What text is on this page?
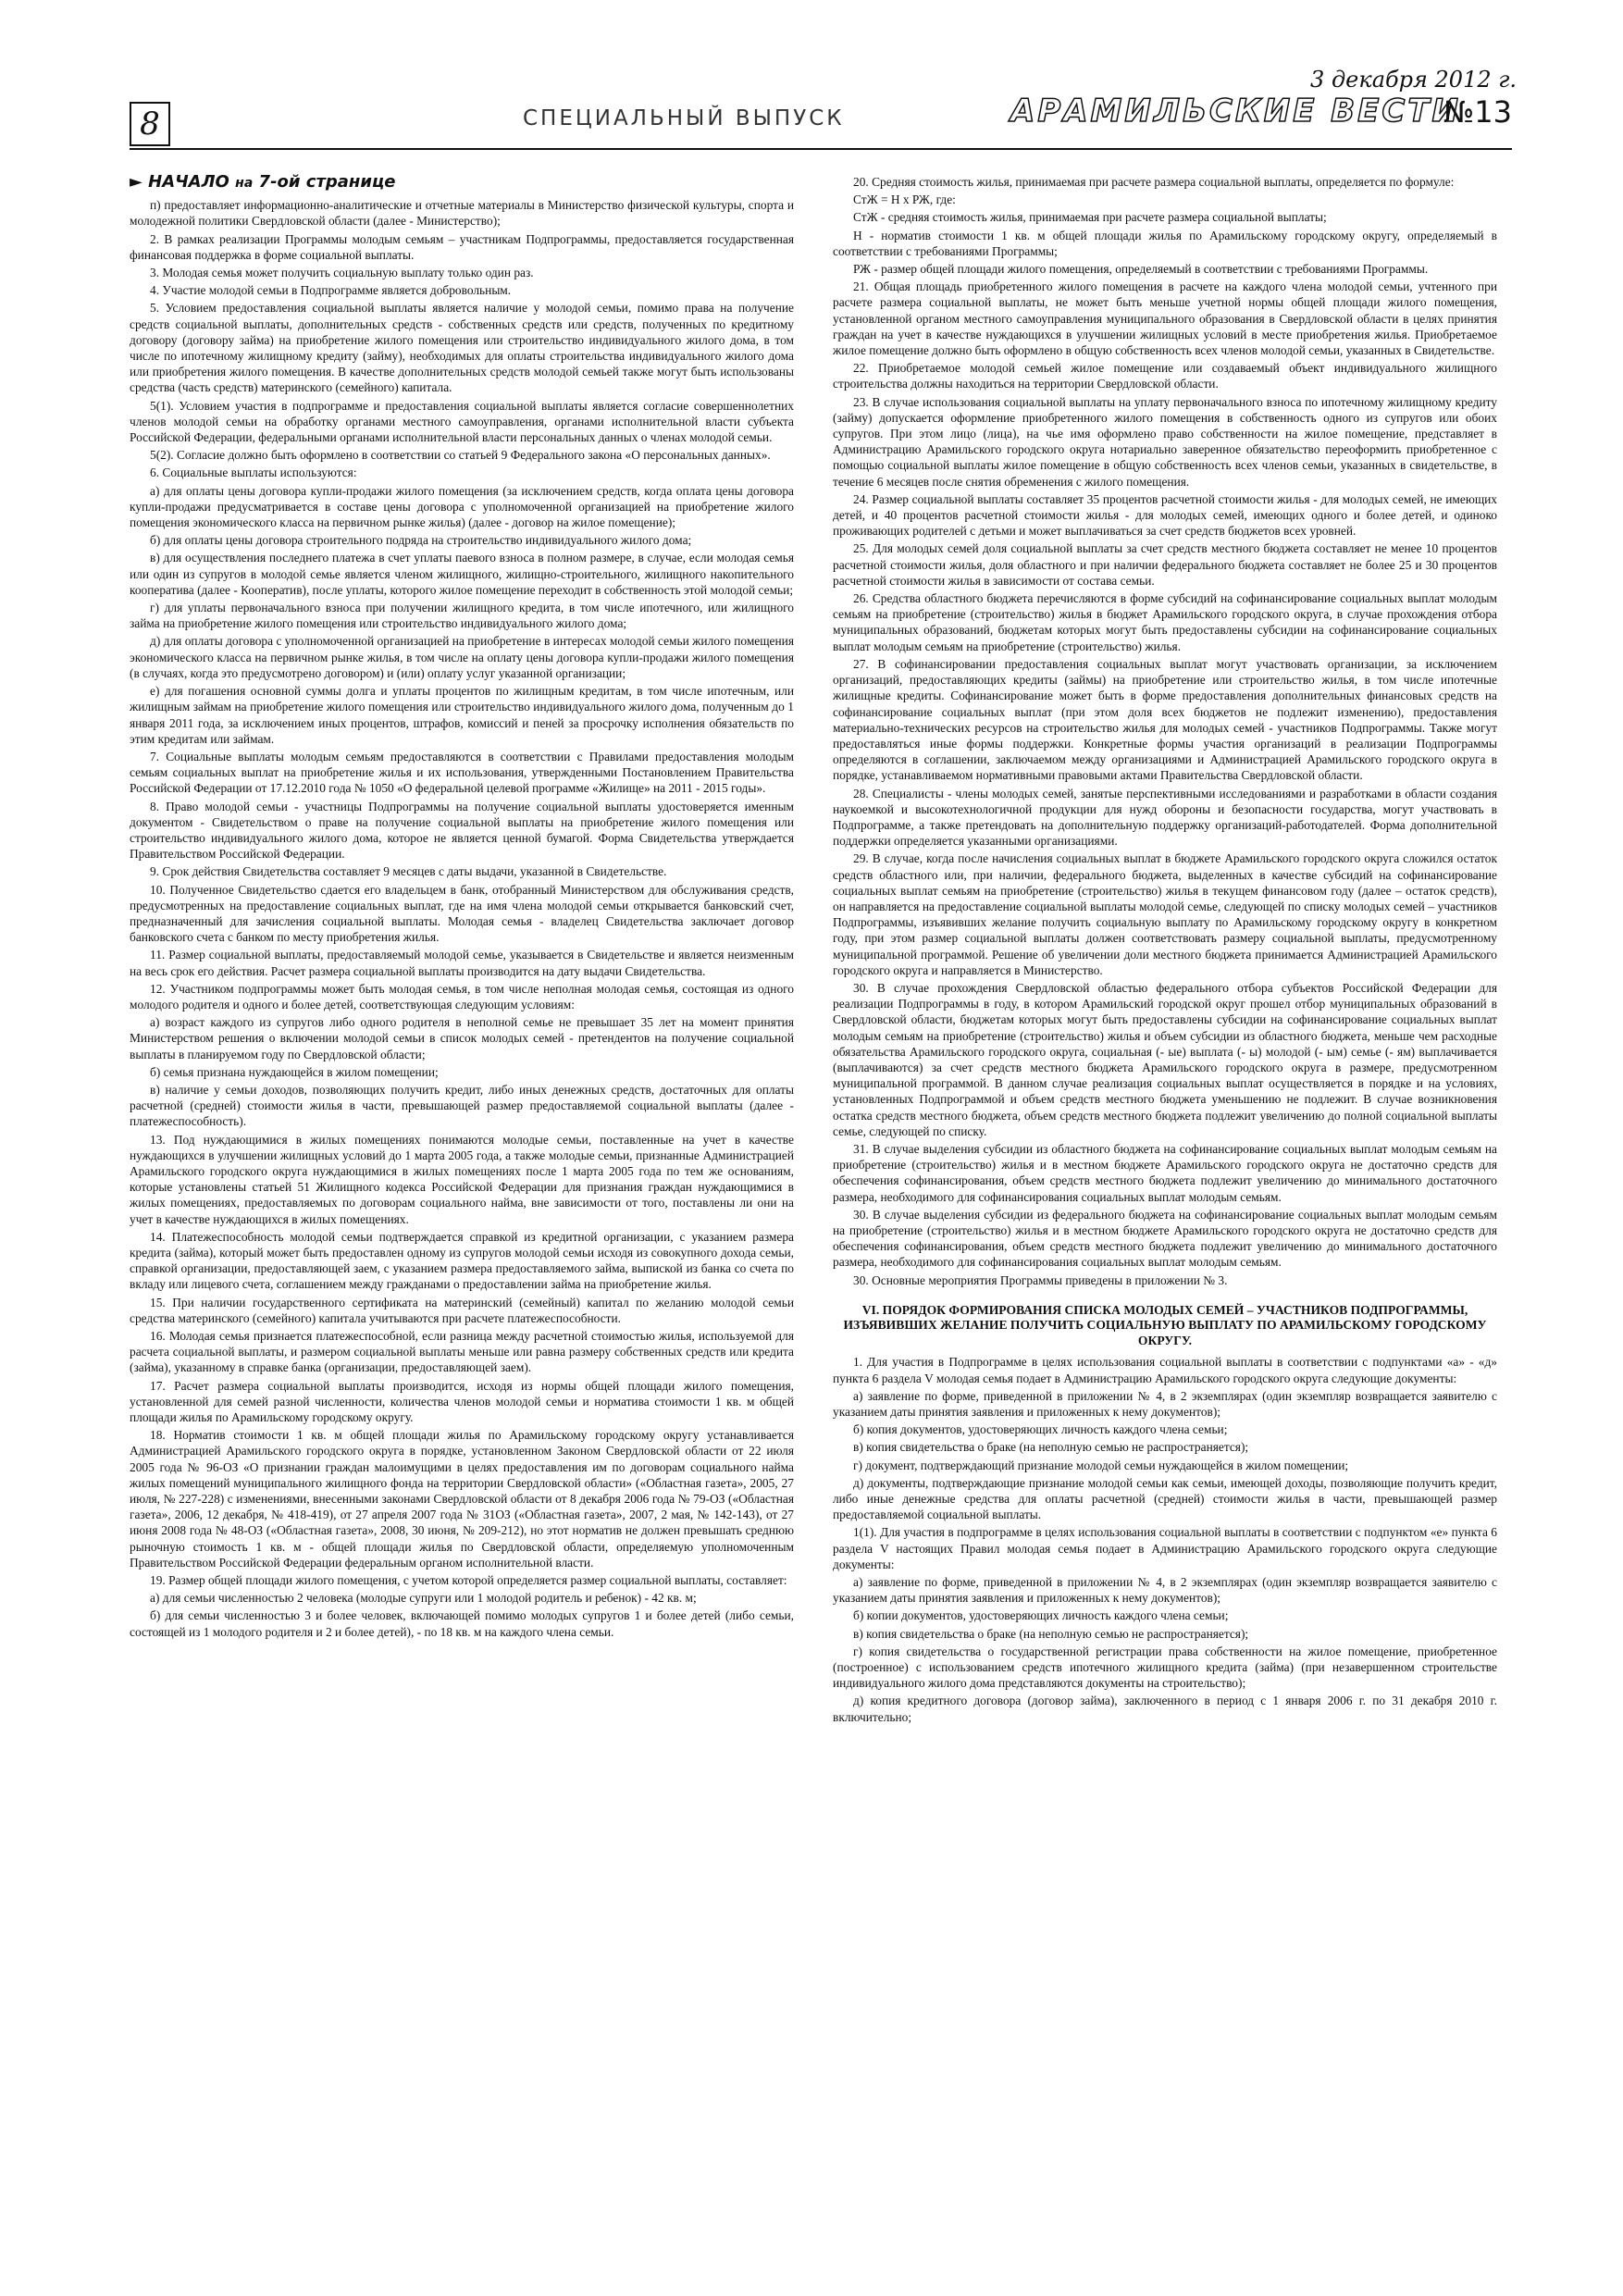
8	СПЕЦИАЛЬНЫЙ ВЫПУСК
3 декабря 2012 г.
АРАМИЛЬСКИЕ ВЕСТИ
№13
► НАЧАЛО на 7-ой странице

п) предоставляет информационно-аналитические и отчетные материалы в Министерство физической культуры, спорта и молодежной политики Свердловской области (далее - Министерство);

2. В рамках реализации Программы молодым семьям – участникам Подпрограммы, предоставляется государственная финансовая поддержка в форме социальной выплаты.

3. Молодая семья может получить социальную выплату только один раз.

4. Участие молодой семьи в Подпрограмме является добровольным.

5. Условием предоставления социальной выплаты является наличие у молодой семьи, помимо права на получение средств социальной выплаты, дополнительных средств - собственных средств или средств, полученных по кредитному договору (договору займа) на приобретение жилого помещения или строительство индивидуального жилого дома, в том числе по ипотечному жилищному кредиту (займу), необходимых для оплаты строительства индивидуального жилого дома или приобретения жилого помещения. В качестве дополнительных средств молодой семьей также могут быть использованы средства (часть средств) материнского (семейного) капитала.

5(1). Условием участия в подпрограмме и предоставления социальной выплаты является согласие совершеннолетних членов молодой семьи на обработку органами местного самоуправления, органами исполнительной власти субъекта Российской Федерации, федеральными органами исполнительной власти персональных данных о членах молодой семьи.

5(2). Согласие должно быть оформлено в соответствии со статьей 9 Федерального закона «О персональных данных».

6. Социальные выплаты используются:

а) для оплаты цены договора купли-продажи жилого помещения (за исключением средств, когда оплата цены договора купли-продажи предусматривается в составе цены договора с уполномоченной организацией на приобретение жилого помещения экономического класса на первичном рынке жилья) (далее - договор на жилое помещение);

б) для оплаты цены договора строительного подряда на строительство индивидуального жилого дома;

в) для осуществления последнего платежа в счет уплаты паевого взноса в полном размере, в случае, если молодая семья или один из супругов в молодой семье является членом жилищного, жилищно-строительного, жилищного накопительного кооператива (далее - Кооператив), после уплаты, которого жилое помещение переходит в собственность этой молодой семьи;

г) для уплаты первоначального взноса при получении жилищного кредита, в том числе ипотечного, или жилищного займа на приобретение жилого помещения или строительство индивидуального жилого дома;

д) для оплаты договора с уполномоченной организацией на приобретение в интересах молодой семьи жилого помещения экономического класса на первичном рынке жилья, в том числе на оплату цены договора купли-продажи жилого помещения (в случаях, когда это предусмотрено договором) и (или) оплату услуг указанной организации;

е) для погашения основной суммы долга и уплаты процентов по жилищным кредитам, в том числе ипотечным, или жилищным займам на приобретение жилого помещения или строительство индивидуального жилого дома, полученным до 1 января 2011 года, за исключением иных процентов, штрафов, комиссий и пеней за просрочку исполнения обязательств по этим кредитам или займам.

7. Социальные выплаты молодым семьям предоставляются в соответствии с Правилами предоставления молодым семьям социальных выплат на приобретение жилья и их использования, утвержденными Постановлением Правительства Российской Федерации от 17.12.2010 года № 1050 «О федеральной целевой программе «Жилище» на 2011 - 2015 годы».

8. Право молодой семьи - участницы Подпрограммы на получение социальной выплаты удостоверяется именным документом - Свидетельством о праве на получение социальной выплаты на приобретение жилого помещения или строительство индивидуального жилого дома, которое не является ценной бумагой. Форма Свидетельства утверждается Правительством Российской Федерации.

9. Срок действия Свидетельства составляет 9 месяцев с даты выдачи, указанной в Свидетельстве.

10. Полученное Свидетельство сдается его владельцем в банк, отобранный Министерством для обслуживания средств, предусмотренных на предоставление социальных выплат, где на имя члена молодой семьи открывается банковский счет, предназначенный для зачисления социальной выплаты. Молодая семья - владелец Свидетельства заключает договор банковского счета с банком по месту приобретения жилья.

11. Размер социальной выплаты, предоставляемый молодой семье, указывается в Свидетельстве и является неизменным на весь срок его действия. Расчет размера социальной выплаты производится на дату выдачи Свидетельства.

12. Участником подпрограммы может быть молодая семья, в том числе неполная молодая семья, состоящая из одного молодого родителя и одного и более детей, соответствующая следующим условиям:

а) возраст каждого из супругов либо одного родителя в неполной семье не превышает 35 лет на момент принятия Министерством решения о включении молодой семьи в список молодых семей - претендентов на получение социальной выплаты в планируемом году по Свердловской области;

б) семья признана нуждающейся в жилом помещении;

в) наличие у семьи доходов, позволяющих получить кредит, либо иных денежных средств, достаточных для оплаты расчетной (средней) стоимости жилья в части, превышающей размер предоставляемой социальной выплаты (далее - платежеспособность).

13. Под нуждающимися в жилых помещениях понимаются молодые семьи, поставленные на учет в качестве нуждающихся в улучшении жилищных условий до 1 марта 2005 года, а также молодые семьи, признанные Администрацией Арамильского городского округа нуждающимися в жилых помещениях после 1 марта 2005 года по тем же основаниям, которые установлены статьей 51 Жилищного кодекса Российской Федерации для признания граждан нуждающимися в жилых помещениях, предоставляемых по договорам социального найма, вне зависимости от того, поставлены ли они на учет в качестве нуждающихся в жилых помещениях.

14. Платежеспособность молодой семьи подтверждается справкой из кредитной организации, с указанием размера кредита (займа), который может быть предоставлен одному из супругов молодой семьи исходя из совокупного дохода семьи, справкой организации, предоставляющей заем, с указанием размера предоставляемого займа, выпиской из банка со счета по вкладу или лицевого счета, соглашением между гражданами о предоставлении займа на приобретение жилья.

15. При наличии государственного сертификата на материнский (семейный) капитал по желанию молодой семьи средства материнского (семейного) капитала учитываются при расчете платежеспособности.

16. Молодая семья признается платежеспособной, если разница между расчетной стоимостью жилья, используемой для расчета социальной выплаты, и размером социальной выплаты меньше или равна размеру собственных средств или кредита (займа), указанному в справке банка (организации, предоставляющей заем).

17. Расчет размера социальной выплаты производится, исходя из нормы общей площади жилого помещения, установленной для семей разной численности, количества членов молодой семьи и норматива стоимости 1 кв. м общей площади жилья по Арамильскому городскому округу.

18. Норматив стоимости 1 кв. м общей площади жилья по Арамильскому городскому округу устанавливается Администрацией Арамильского городского округа в порядке, установленном Законом Свердловской области от 22 июля 2005 года № 96-ОЗ «О признании граждан малоимущими в целях предоставления им по договорам социального найма жилых помещений муниципального жилищного фонда на территории Свердловской области» («Областная газета», 2005, 27 июля, № 227-228) с изменениями, внесенными законами Свердловской области от 8 декабря 2006 года № 79-ОЗ («Областная газета», 2006, 12 декабря, № 418-419), от 27 апреля 2007 года № 31ОЗ («Областная газета», 2007, 2 мая, № 142-143), от 27 июня 2008 года № 48-ОЗ («Областная газета», 2008, 30 июня, № 209-212), но этот норматив не должен превышать среднюю рыночную стоимость 1 кв. м - общей площади жилья по Свердловской области, определяемую уполномоченным Правительством Российской Федерации федеральным органом исполнительной власти.

19. Размер общей площади жилого помещения, с учетом которой определяется размер социальной выплаты, составляет:

а) для семьи численностью 2 человека (молодые супруги или 1 молодой родитель и ребенок) - 42 кв. м;

б) для семьи численностью 3 и более человек, включающей помимо молодых супругов 1 и более детей (либо семьи, состоящей из 1 молодого родителя и 2 и более детей), - по 18 кв. м на каждого члена семьи.

20. Средняя стоимость жилья, принимаемая при расчете размера социальной выплаты, определяется по формуле:

СтЖ = Н х РЖ, где:

СтЖ - средняя стоимость жилья, принимаемая при расчете размера социальной выплаты;

Н - норматив стоимости 1 кв. м общей площади жилья по Арамильскому городскому округу, определяемый в соответствии с требованиями Программы;

РЖ - размер общей площади жилого помещения, определяемый в соответствии с требованиями Программы.

21. Общая площадь приобретенного жилого помещения в расчете на каждого члена молодой семьи, учтенного при расчете размера социальной выплаты, не может быть меньше учетной нормы общей площади жилого помещения, установленной органом местного самоуправления муниципального образования в Свердловской области в целях принятия граждан на учет в качестве нуждающихся в улучшении жилищных условий в месте приобретения жилья. Приобретаемое жилое помещение должно быть оформлено в общую собственность всех членов молодой семьи, указанных в Свидетельстве.

22. Приобретаемое молодой семьей жилое помещение или создаваемый объект индивидуального жилищного строительства должны находиться на территории Свердловской области.

23. В случае использования социальной выплаты на уплату первоначального взноса по ипотечному жилищному кредиту (займу) допускается оформление приобретенного жилого помещения в собственность одного из супругов или обоих супругов. При этом лицо (лица), на чье имя оформлено право собственности на жилое помещение, представляет в Администрацию Арамильского городского округа нотариально заверенное обязательство переоформить приобретенное с помощью социальной выплаты жилое помещение в общую собственность всех членов семьи, указанных в свидетельстве, в течение 6 месяцев после снятия обременения с жилого помещения.

24. Размер социальной выплаты составляет 35 процентов расчетной стоимости жилья - для молодых семей, не имеющих детей, и 40 процентов расчетной стоимости жилья - для молодых семей, имеющих одного и более детей, и одиноко проживающих родителей с детьми и может выплачиваться за счет средств бюджетов всех уровней.

25. Для молодых семей доля социальной выплаты за счет средств местного бюджета составляет не менее 10 процентов расчетной стоимости жилья, доля областного и при наличии федерального бюджета составляет не более 25 и 30 процентов расчетной стоимости жилья в зависимости от состава семьи.

26. Средства областного бюджета перечисляются в форме субсидий на софинансирование социальных выплат молодым семьям на приобретение (строительство) жилья в бюджет Арамильского городского округа, в случае прохождения отбора муниципальных образований, бюджетам которых могут быть предоставлены субсидии на софинансирование социальных выплат молодым семьям на приобретение (строительство) жилья.

27. В софинансировании предоставления социальных выплат могут участвовать организации, за исключением организаций, предоставляющих кредиты (займы) на приобретение или строительство жилья, в том числе ипотечные жилищные кредиты. Софинансирование может быть в форме предоставления дополнительных финансовых средств на софинансирование социальных выплат (при этом доля всех бюджетов не подлежит изменению), предоставления материально-технических ресурсов на строительство жилья для молодых семей - участников Подпрограммы. Также могут предоставляться иные формы поддержки. Конкретные формы участия организаций в реализации Подпрограммы определяются в соглашении, заключаемом между организациями и Администрацией Арамильского городского округа в порядке, устанавливаемом нормативными правовыми актами Правительства Свердловской области.

28. Специалисты - члены молодых семей, занятые перспективными исследованиями и разработками в области создания наукоемкой и высокотехнологичной продукции для нужд обороны и безопасности государства, могут участвовать в Подпрограмме, а также претендовать на дополнительную поддержку организаций-работодателей. Форма дополнительной поддержки определяется указанными организациями.

29. В случае, когда после начисления социальных выплат в бюджете Арамильского городского округа сложился остаток средств областного или, при наличии, федерального бюджета, выделенных в качестве субсидий на софинансирование социальных выплат семьям на приобретение (строительство) жилья в текущем финансовом году (далее – остаток средств), он направляется на предоставление социальной выплаты молодой семье, следующей по списку молодых семей – участников Подпрограммы, изъявивших желание получить социальную выплату по Арамильскому городскому округу в конкретном году, при этом размер социальной выплаты должен соответствовать размеру социальной выплаты, предусмотренному муниципальной программой. Решение об увеличении доли местного бюджета принимается Администрацией Арамильского городского округа и направляется в Министерство.

30. В случае прохождения Свердловской областью федерального отбора субъектов Российской Федерации для реализации Подпрограммы в году, в котором Арамильский городской округ прошел отбор муниципальных образований в Свердловской области, бюджетам которых могут быть предоставлены субсидии на софинансирование социальных выплат молодым семьям на приобретение (строительство) жилья и объем субсидии из областного бюджета, меньше чем расходные обязательства Арамильского городского округа, социальная (- ые) выплата (- ы) молодой (- ым) семье (- ям) выплачивается (выплачиваются) за счет средств местного бюджета Арамильского городского округа в размере, предусмотренном муниципальной программой. В данном случае реализация социальных выплат осуществляется в порядке и на условиях, установленных Подпрограммой и объем средств местного бюджета уменьшению не подлежит. В случае возникновения остатка средств местного бюджета, объем средств местного бюджета подлежит увеличению до полной социальной выплаты семье, следующей по списку.

31. В случае выделения субсидии из областного бюджета на софинансирование социальных выплат молодым семьям на приобретение (строительство) жилья и в местном бюджете Арамильского городского округа не достаточно средств для обеспечения софинансирования, объем средств местного бюджета подлежит увеличению до минимального достаточного размера, необходимого для софинансирования социальных выплат молодым семьям.

30. В случае выделения субсидии из федерального бюджета на софинансирование социальных выплат молодым семьям на приобретение (строительство) жилья и в местном бюджете Арамильского городского округа не достаточно средств для обеспечения софинансирования, объем средств местного бюджета подлежит увеличению до минимального достаточного размера, необходимого для софинансирования социальных выплат молодым семьям.

30. Основные мероприятия Программы приведены в приложении № 3.

VI. ПОРЯДОК ФОРМИРОВАНИЯ СПИСКА МОЛОДЫХ СЕМЕЙ – УЧАСТНИКОВ ПОДПРОГРАММЫ, ИЗЪЯВИВШИХ ЖЕЛАНИЕ ПОЛУЧИТЬ СОЦИАЛЬНУЮ ВЫПЛАТУ ПО АРАМИЛЬСКОМУ ГОРОДСКОМУ ОКРУГУ.

1. Для участия в Подпрограмме в целях использования социальной выплаты в соответствии с подпунктами «а» - «д» пункта 6 раздела V молодая семья подает в Администрацию Арамильского городского округа следующие документы:

а) заявление по форме, приведенной в приложении № 4, в 2 экземплярах (один экземпляр возвращается заявителю с указанием даты принятия заявления и приложенных к нему документов);

б) копия документов, удостоверяющих личность каждого члена семьи;

в) копия свидетельства о браке (на неполную семью не распространяется);

г) документ, подтверждающий признание молодой семьи нуждающейся в жилом помещении;

д) документы, подтверждающие признание молодой семьи как семьи, имеющей доходы, позволяющие получить кредит, либо иные денежные средства для оплаты расчетной (средней) стоимости жилья в части, превышающей размер предоставляемой социальной выплаты.

1(1). Для участия в подпрограмме в целях использования социальной выплаты в соответствии с подпунктом «е» пункта 6 раздела V настоящих Правил молодая семья подает в Администрацию Арамильского городского округа следующие документы:

а) заявление по форме, приведенной в приложении № 4, в 2 экземплярах (один экземпляр возвращается заявителю с указанием даты принятия заявления и приложенных к нему документов);

б) копии документов, удостоверяющих личность каждого члена семьи;

в) копия свидетельства о браке (на неполную семью не распространяется);

г) копия свидетельства о государственной регистрации права собственности на жилое помещение, приобретенное (построенное) с использованием средств ипотечного жилищного кредита (займа) (при незавершенном строительстве индивидуального жилого дома представляются документы на строительство);

д) копия кредитного договора (договор займа), заключенного в период с 1 января 2006 г. по 31 декабря 2010 г. включительно;
